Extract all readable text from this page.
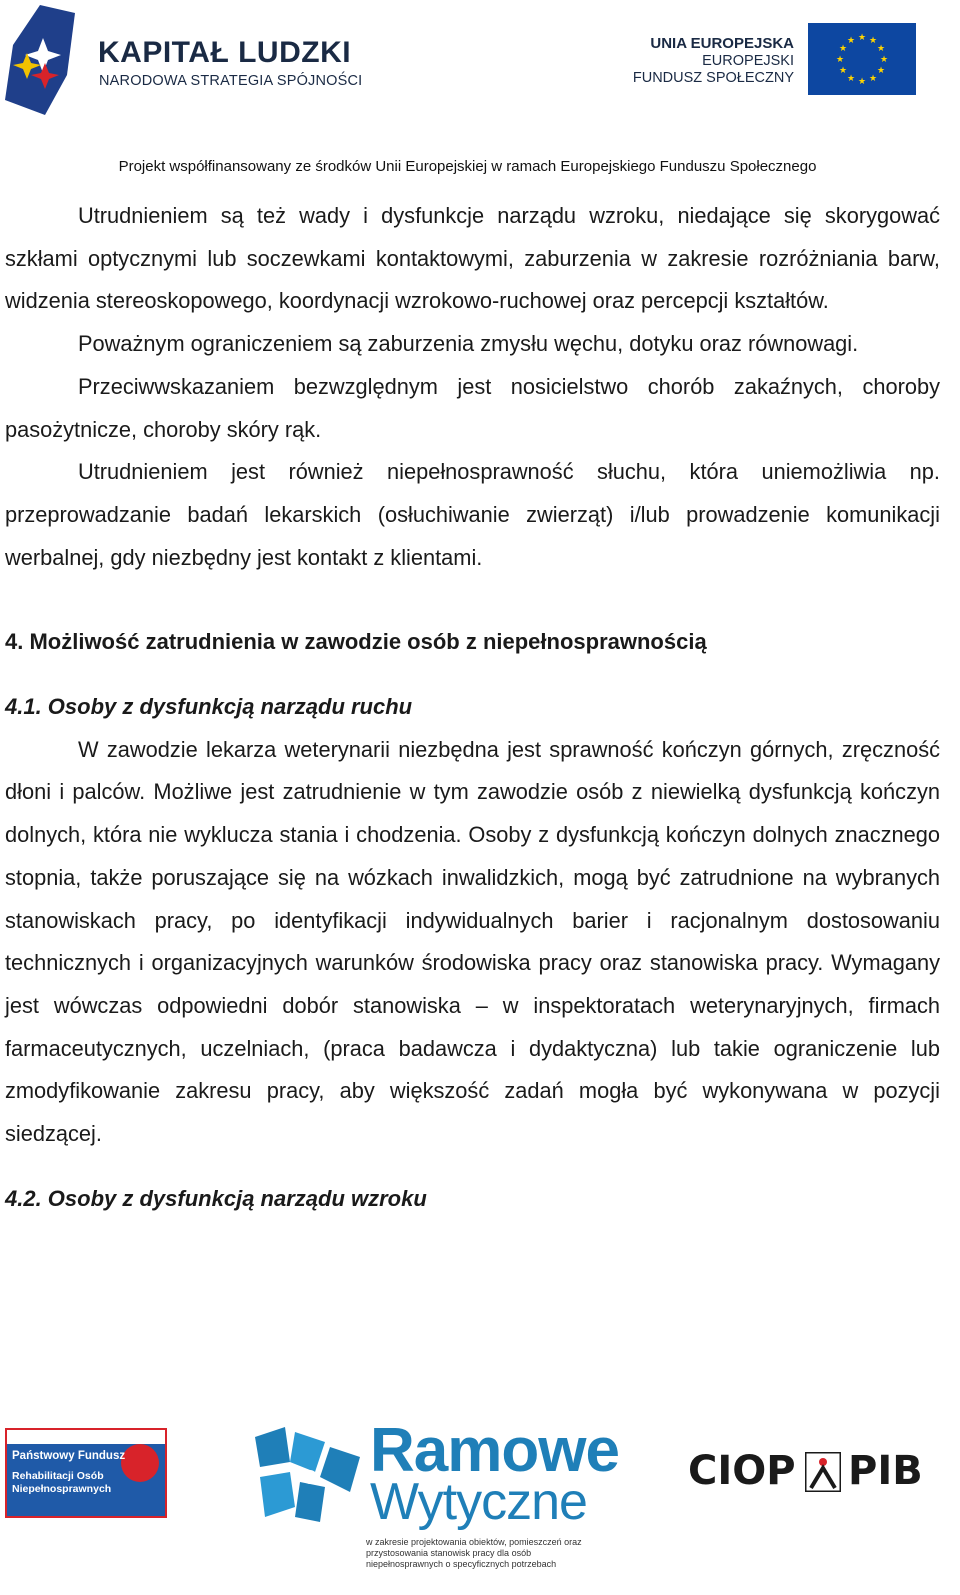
KAPITAŁ LUDZKI
NARODOWA STRATEGIA SPÓJNOŚCI
UNIA EUROPEJSKA
EUROPEJSKI
FUNDUSZ SPOŁECZNY
★ ★
★
★
★
★
★
★
★
★
★
★
Projekt współfinansowany ze środków Unii Europejskiej w ramach Europejskiego Funduszu Społecznego

Utrudnieniem są też wady i dysfunkcje narządu wzroku, niedające się skorygować szkłami optycznymi lub soczewkami kontaktowymi, zaburzenia w zakresie rozróżniania barw, widzenia stereoskopowego, koordynacji wzrokowo-ruchowej oraz percepcji kształtów.

Poważnym ograniczeniem są zaburzenia zmysłu węchu, dotyku oraz równowagi.

Przeciwwskazaniem bezwzględnym jest nosicielstwo chorób zakaźnych, choroby pasożytnicze, choroby skóry rąk.

Utrudnieniem jest również niepełnosprawność słuchu, która uniemożliwia np. przeprowadzanie badań lekarskich (osłuchiwanie zwierząt) i/lub prowadzenie komunikacji werbalnej, gdy niezbędny jest kontakt z klientami.

4. Możliwość zatrudnienia w zawodzie osób z niepełnosprawnością

4.1. Osoby z dysfunkcją narządu ruchu

W zawodzie lekarza weterynarii niezbędna jest sprawność kończyn górnych, zręczność dłoni i palców. Możliwe jest zatrudnienie w tym zawodzie osób z niewielką dysfunkcją kończyn dolnych, która nie wyklucza stania i chodzenia. Osoby z dysfunkcją kończyn dolnych znacznego stopnia, także poruszające się na wózkach inwalidzkich, mogą być zatrudnione na wybranych stanowiskach pracy, po identyfikacji indywidualnych barier i racjonalnym dostosowaniu technicznych i organizacyjnych warunków środowiska pracy oraz stanowiska pracy. Wymagany jest wówczas odpowiedni dobór stanowiska – w inspektoratach weterynaryjnych, firmach farmaceutycznych, uczelniach, (praca badawcza i dydaktyczna) lub takie ograniczenie lub zmodyfikowanie zakresu pracy, aby większość zadań mogła być wykonywana w pozycji siedzącej.

4.2. Osoby z dysfunkcją narządu wzroku

Państwowy Fundusz
Rehabilitacji Osób Niepełnosprawnych
Ramowe
Wytyczne
w zakresie projektowania obiektów, pomieszczeń oraz przystosowania stanowisk pracy dla osób niepełnosprawnych o specyficznych potrzebach
CIOP PIB
